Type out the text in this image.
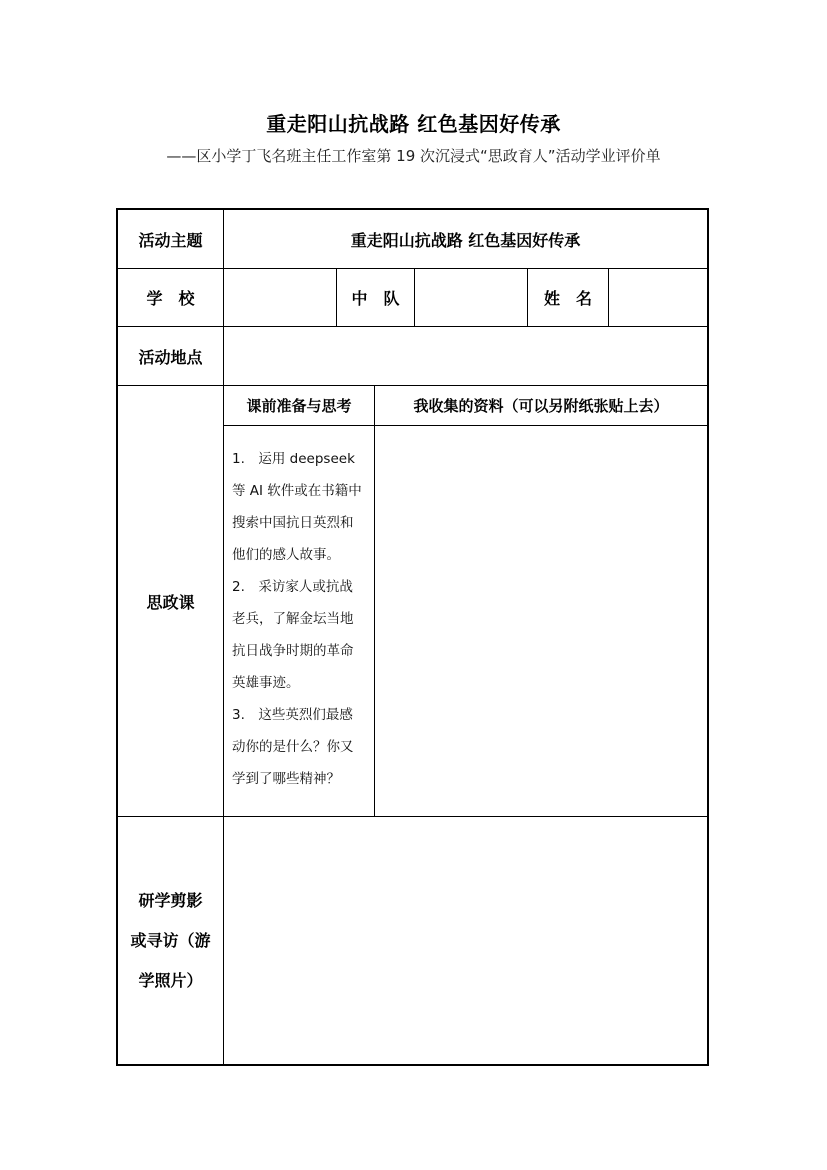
重走阳山抗战路 红色基因好传承
——区小学丁飞名班主任工作室第 19 次沉浸式“思政育人”活动学业评价单
活动主题	重走阳山抗战路 红色基因好传承
学　校	中　队	姓　名
活动地点
思政课
课前准备与思考	我收集的资料（可以另附纸张贴上去）

1.　运用 deepseek 等 AI 软件或在书籍中搜索中国抗日英烈和他们的感人故事。

2.　采访家人或抗战老兵，了解金坛当地抗日战争时期的革命英雄事迹。

3.　这些英烈们最感动你的是什么？你又学到了哪些精神？

研学剪影
或寻访（游
学照片）
